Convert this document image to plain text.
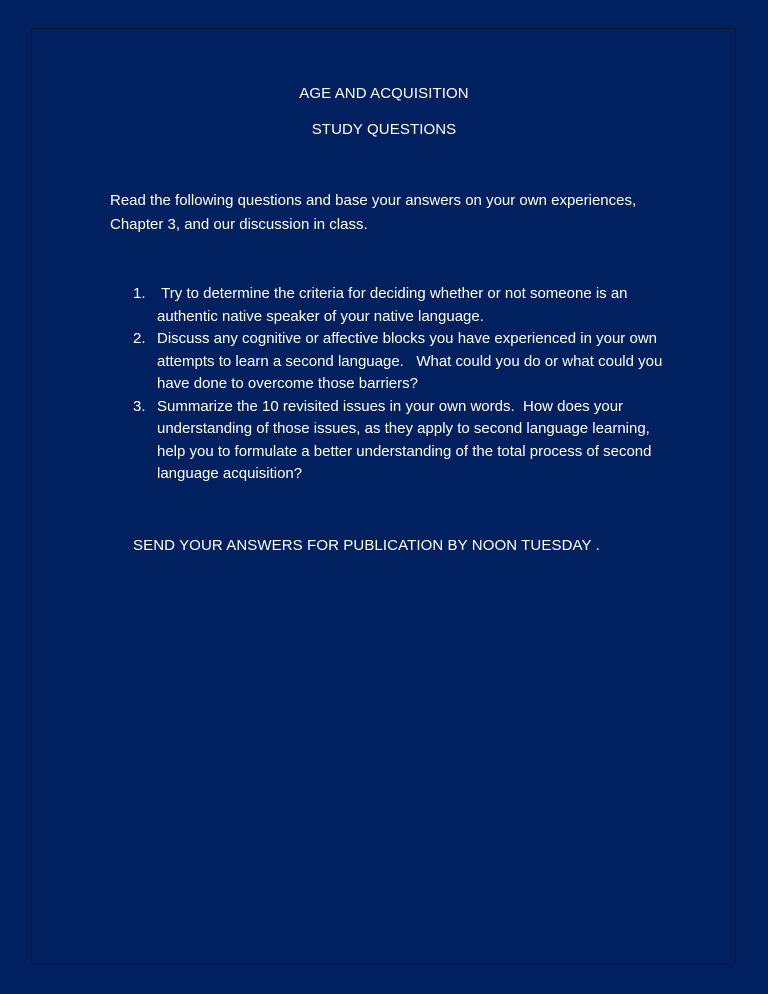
AGE AND ACQUISITION
STUDY QUESTIONS
Read the following questions and base your answers on your own experiences, Chapter 3, and our discussion in class.
1. Try to determine the criteria for deciding whether or not someone is an authentic native speaker of your native language.
2. Discuss any cognitive or affective blocks you have experienced in your own attempts to learn a second language.   What could you do or what could you have done to overcome those barriers?
3. Summarize the 10 revisited issues in your own words.  How does your understanding of those issues, as they apply to second language learning, help you to formulate a better understanding of the total process of second language acquisition?
SEND YOUR ANSWERS FOR PUBLICATION BY NOON TUESDAY .
